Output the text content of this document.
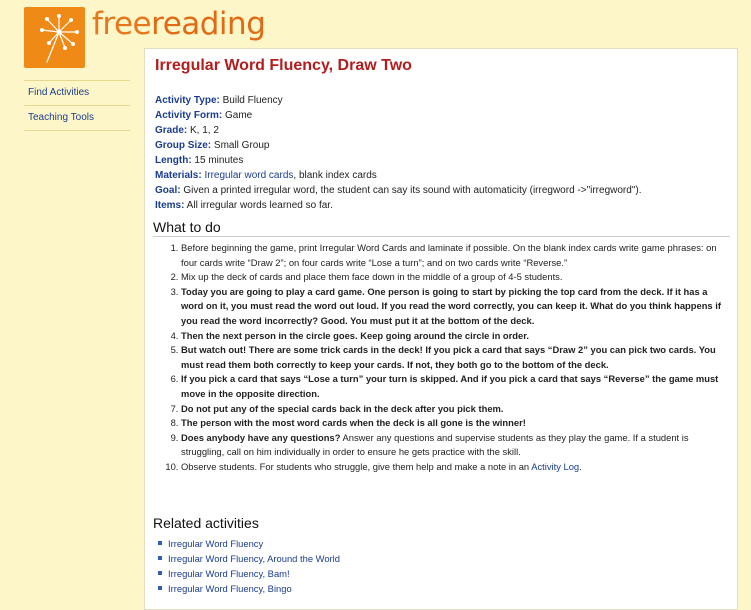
freereading
Find Activities
Teaching Tools
Irregular Word Fluency, Draw Two
Activity Type: Build Fluency
Activity Form: Game
Grade: K, 1, 2
Group Size: Small Group
Length: 15 minutes
Materials: Irregular word cards, blank index cards
Goal: Given a printed irregular word, the student can say its sound with automaticity (irregword ->"irregword").
Items: All irregular words learned so far.
What to do
1. Before beginning the game, print Irregular Word Cards and laminate if possible. On the blank index cards write game phrases: on four cards write “Draw 2”; on four cards write “Lose a turn”; and on two cards write “Reverse.”
2. Mix up the deck of cards and place them face down in the middle of a group of 4-5 students.
3. Today you are going to play a card game. One person is going to start by picking the top card from the deck. If it has a word on it, you must read the word out loud. If you read the word correctly, you can keep it. What do you think happens if you read the word incorrectly? Good. You must put it at the bottom of the deck.
4. Then the next person in the circle goes. Keep going around the circle in order.
5. But watch out! There are some trick cards in the deck! If you pick a card that says “Draw 2” you can pick two cards. You must read them both correctly to keep your cards. If not, they both go to the bottom of the deck.
6. If you pick a card that says “Lose a turn” your turn is skipped. And if you pick a card that says “Reverse” the game must move in the opposite direction.
7. Do not put any of the special cards back in the deck after you pick them.
8. The person with the most word cards when the deck is all gone is the winner!
9. Does anybody have any questions? Answer any questions and supervise students as they play the game. If a student is struggling, call on him individually in order to ensure he gets practice with the skill.
10. Observe students. For students who struggle, give them help and make a note in an Activity Log.
Related activities
Irregular Word Fluency
Irregular Word Fluency, Around the World
Irregular Word Fluency, Bam!
Irregular Word Fluency, Bingo
